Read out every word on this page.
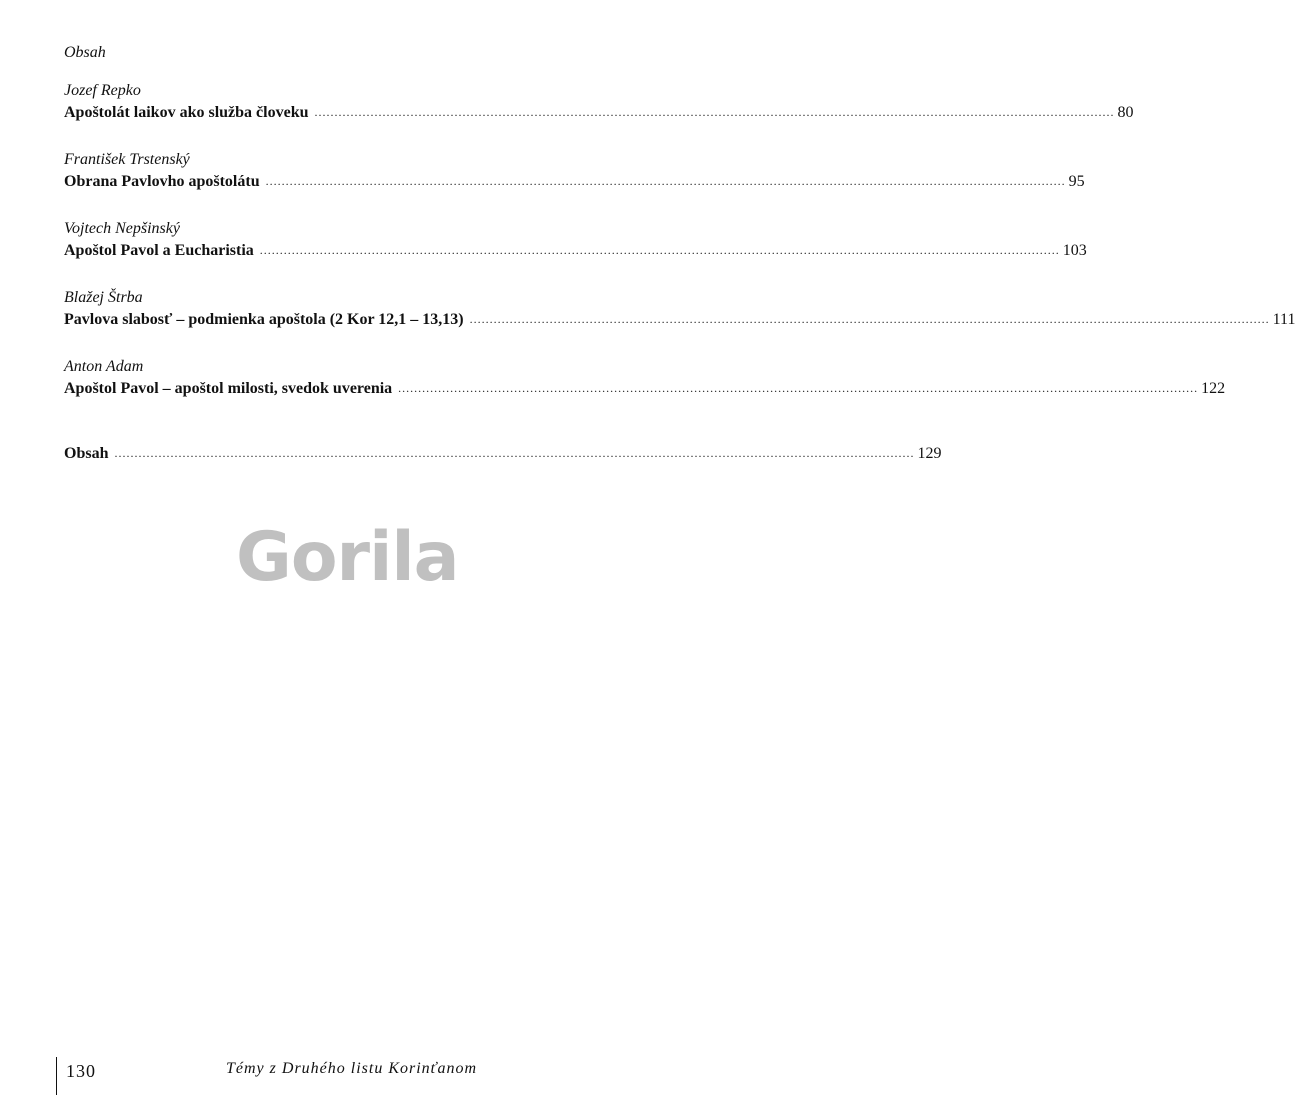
Obsah
Jozef Repko
Apoštolát laikov ako služba človeku ........................................................................................................................................................................................................ 80
František Trstenský
Obrana Pavlovho apoštolátu ........................................................................................................................................................................................................ 95
Vojtech Nepšinský
Apoštol Pavol a Eucharistia ........................................................................................................................................................................................................ 103
Blažej Štrba
Pavlova slabosť – podmienka apoštola (2 Kor 12,1 – 13,13) ........................................................................................................................................................................................................ 111
Anton Adam
Apoštol Pavol – apoštol milosti, svedok uverenia ........................................................................................................................................................................................................ 122
Obsah ........................................................................................................................................................................................................ 129
Gorila
130	Témy z Druhého listu Korinťanom
